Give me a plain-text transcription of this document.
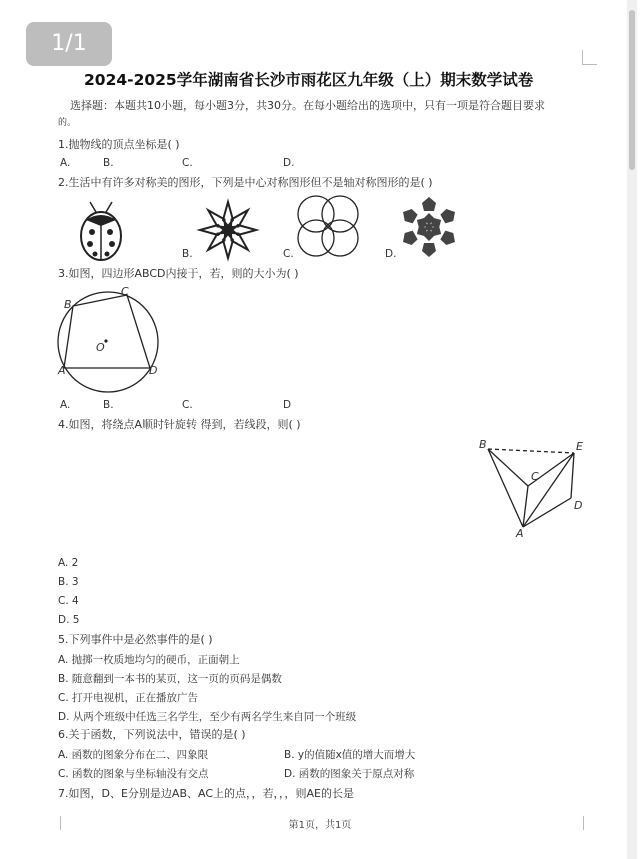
1/1
2024-2025学年湖南省长沙市雨花区九年级（上）期末数学试卷
选择题：本题共10小题，每小题3分，共30分。在每小题给出的选项中，只有一项是符合题目要求
的。
1.抛物线的顶点坐标是( )
A.	B.	C.	D.
2.生活中有许多对称美的图形，下列是中心对称图形但不是轴对称图形的是( )
B.	C.	D.
3.如图，四边形ABCD内接于，若，则的大小为( )
B
C
O
A	D
A.	B.	C.	D
4.如图，将绕点A顺时针旋转 得到，若线段，则( )
B	E
C
D
A
A. 2
B. 3
C. 4
D. 5
5.下列事件中是必然事件的是( )
A. 抛掷一枚质地均匀的硬币，正面朝上
B. 随意翻到一本书的某页，这一页的页码是偶数
C. 打开电视机，正在播放广告
D. 从两个班级中任选三名学生，至少有两名学生来自同一个班级
6.关于函数，下列说法中，错误的是( )
A. 函数的图象分布在二、四象限	B. y的值随x值的增大而增大
C. 函数的图象与坐标轴没有交点	D. 函数的图象关于原点对称
7.如图，D、E分别是边AB、AC上的点，，若，，，则AE的长是
第1页，共1页
